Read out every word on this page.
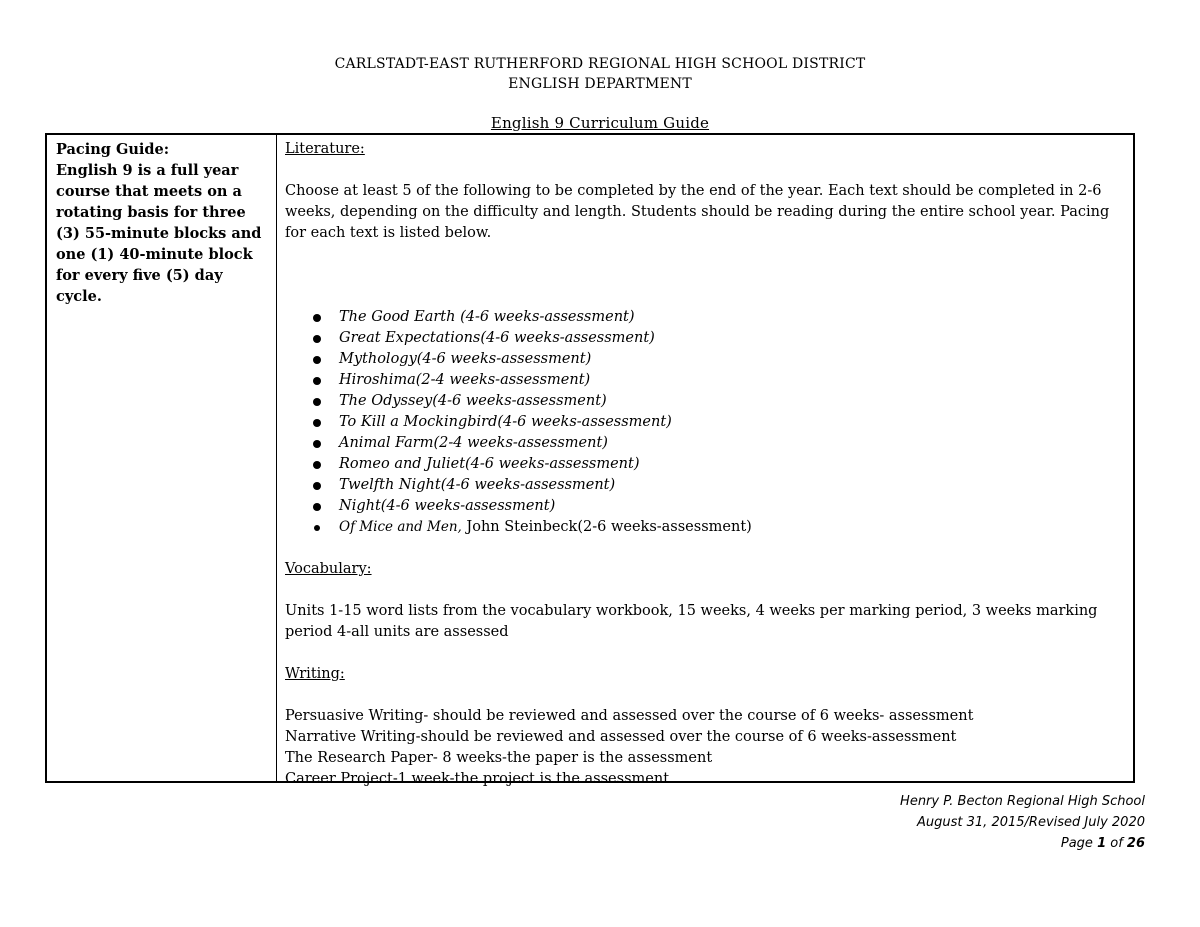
CARLSTADT-EAST RUTHERFORD REGIONAL HIGH SCHOOL DISTRICT
ENGLISH DEPARTMENT
English 9 Curriculum Guide
Pacing Guide:
English 9 is a full year course that meets on a rotating basis for three (3) 55-minute blocks and one (1) 40-minute block for every five (5) day cycle.
Literature:

Choose at least 5 of the following to be completed by the end of the year. Each text should be completed in 2-6 weeks, depending on the difficulty and length. Students should be reading during the entire school year. Pacing for each text is listed below.

The Good Earth (4-6 weeks-assessment)
Great Expectations(4-6 weeks-assessment)
Mythology(4-6 weeks-assessment)
Hiroshima(2-4 weeks-assessment)
The Odyssey(4-6 weeks-assessment)
To Kill a Mockingbird(4-6 weeks-assessment)
Animal Farm(2-4 weeks-assessment)
Romeo and Juliet(4-6 weeks-assessment)
Twelfth Night(4-6 weeks-assessment)
Night(4-6 weeks-assessment)
Of Mice and Men, John Steinbeck(2-6 weeks-assessment)
Vocabulary:

Units 1-15 word lists from the vocabulary workbook, 15 weeks, 4 weeks per marking period, 3 weeks marking period 4-all units are assessed

Writing:
Persuasive Writing- should be reviewed and assessed over the course of 6 weeks- assessment
Narrative Writing-should be reviewed and assessed over the course of 6 weeks-assessment
The Research Paper- 8 weeks-the paper is the assessment
Career Project-1 week-the project is the assessment
Henry P. Becton Regional High School
August 31, 2015/Revised July 2020
Page 1 of 26
